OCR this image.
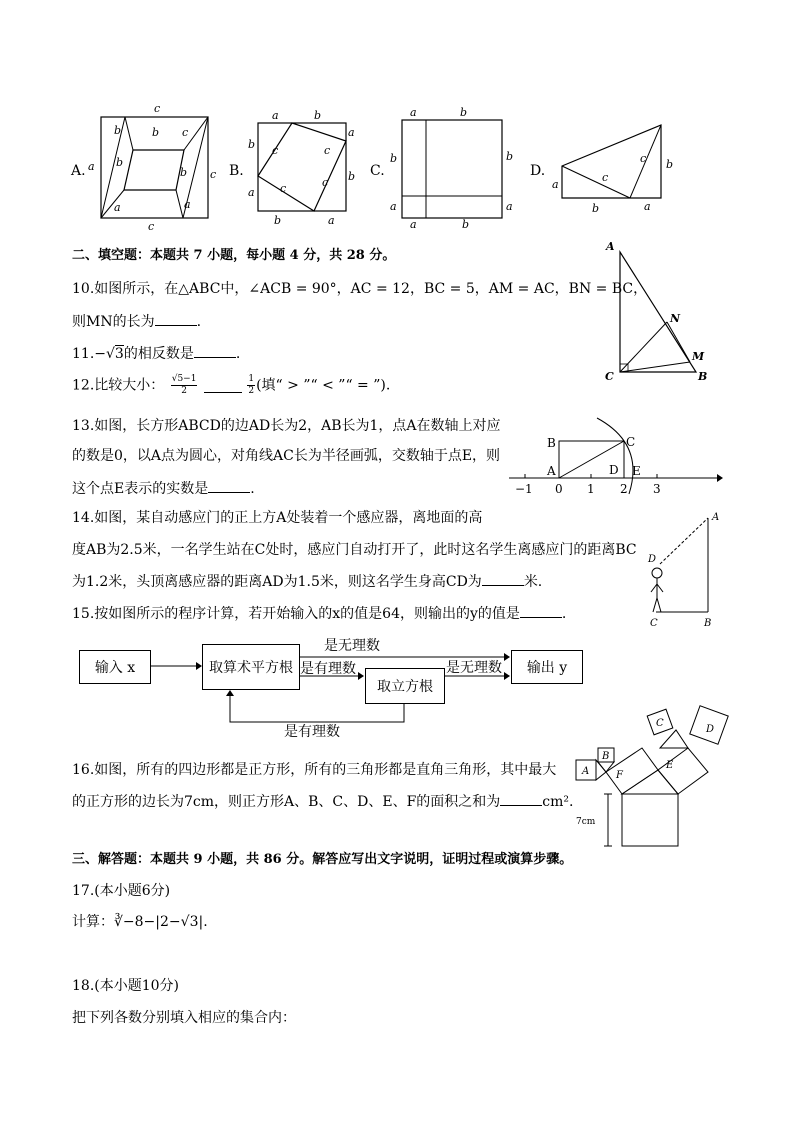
A.
c
a
b	b c
c
a
b
a
b
c
B.
a	b
a
b
b	a
b
a
c	c
c	c
C.
a	b
b	b
a	a
a	b
D.
a
b
c
c
b	a
二、填空题：本题共 7 小题，每小题 4 分，共 28 分。
10.如图所示，在△ABC中，∠ACB = 90°，AC = 12，BC = 5，AM = AC，BN = BC，
则MN的长为	.
A
N
M
C	B
11.−√3的相反数是	.
12.比较大小： $\frac{√5-1}{2}$
	$\frac{1}{2}$ (填“ > ”“ < ”“ = ”).
13.如图，长方形ABCD的边AD长为2，AB长为1，点A在数轴上对应
的数是0，以A点为圆心，对角线AC长为半径画弧，交数轴于点E，则
这个点E表示的实数是	.
B	C
A	D E
−1 0 1 2 3
14.如图，某自动感应门的正上方A处装着一个感应器，离地面的高
度AB为2.5米，一名学生站在C处时，感应门自动打开了，此时这名学生离感应门的距离BC
为1.2米，头顶离感应器的距离AD为1.5米，则这名学生身高CD为	米.
A
D
C	B
15.按如图所示的程序计算，若开始输入的x的值是64，则输出的y的值是	.
输入 x	取算术平方根
取立方根
输出 y
是无理数
是有理数	是无理数
是有理数
16.如图，所有的四边形都是正方形，所有的三角形都是直角三角形，其中最大
的正方形的边长为7cm，则正方形A、B、C、D、E、F的面积之和为	cm².
A
B
C
D
E
F
7cm
三、解答题：本题共 9 小题，共 86 分。解答应写出文字说明，证明过程或演算步骤。
17.(本小题6分)
计算：∛−8−|2−√3|.
18.(本小题10分)
把下列各数分别填入相应的集合内：
